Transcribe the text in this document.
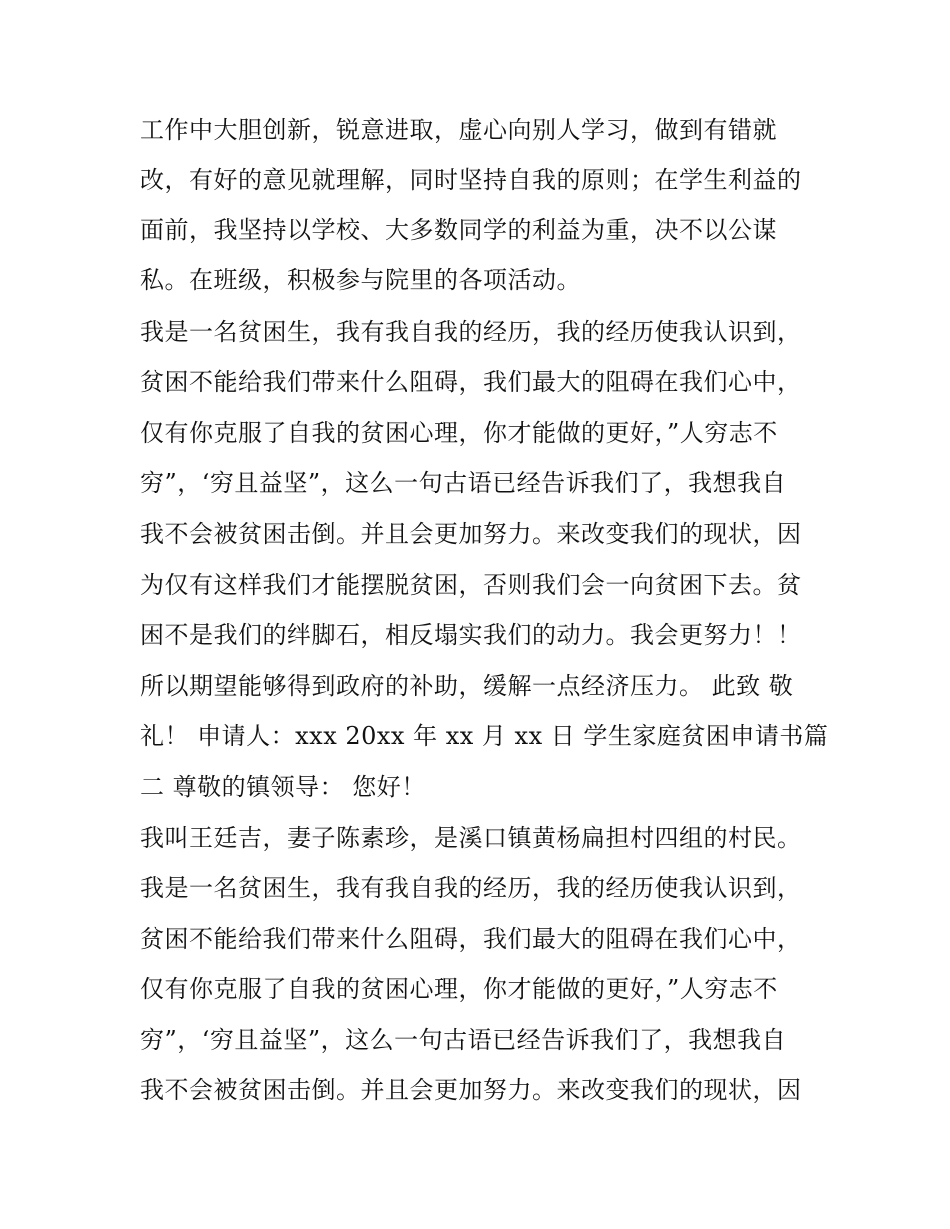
工作中大胆创新，锐意进取，虚心向别人学习，做到有错就
改，有好的意见就理解，同时坚持自我的原则；在学生利益的
面前，我坚持以学校、大多数同学的利益为重，决不以公谋
私。在班级，积极参与院里的各项活动。
我是一名贫困生，我有我自我的经历，我的经历使我认识到，
贫困不能给我们带来什么阻碍，我们最大的阻碍在我们心中，
仅有你克服了自我的贫困心理，你才能做的更好，”人穷志不
穷”，‘穷且益坚”，这么一句古语已经告诉我们了，我想我自
我不会被贫困击倒。并且会更加努力。来改变我们的现状，因
为仅有这样我们才能摆脱贫困，否则我们会一向贫困下去。贫
困不是我们的绊脚石，相反塌实我们的动力。我会更努力！！
所以期望能够得到政府的补助，缓解一点经济压力。 此致 敬
礼！ 申请人：xxx 20xx 年 xx 月 xx 日 学生家庭贫困申请书篇
二 尊敬的镇领导： 您好！
我叫王廷吉，妻子陈素珍，是溪口镇黄杨扁担村四组的村民。
我是一名贫困生，我有我自我的经历，我的经历使我认识到，
贫困不能给我们带来什么阻碍，我们最大的阻碍在我们心中，
仅有你克服了自我的贫困心理，你才能做的更好，”人穷志不
穷”，‘穷且益坚”，这么一句古语已经告诉我们了，我想我自
我不会被贫困击倒。并且会更加努力。来改变我们的现状，因
